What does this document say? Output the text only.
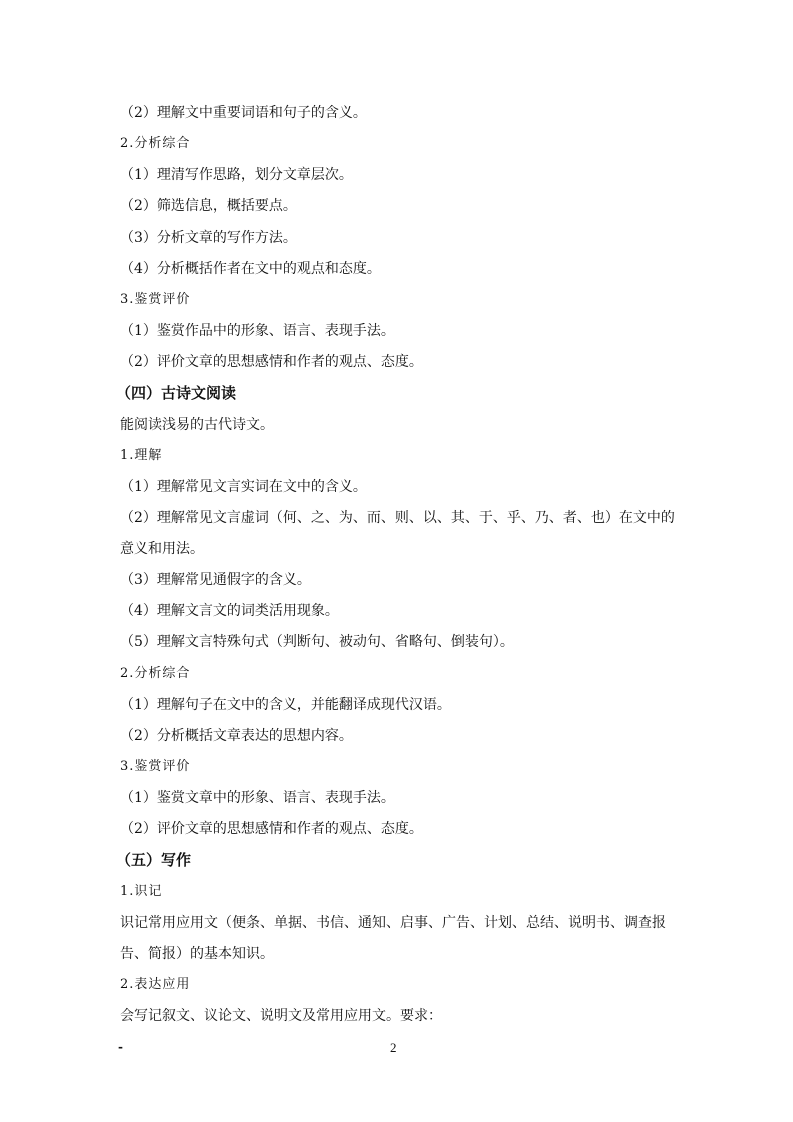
（2）理解文中重要词语和句子的含义。
2.分析综合
（1）理清写作思路，划分文章层次。
（2）筛选信息，概括要点。
（3）分析文章的写作方法。
（4）分析概括作者在文中的观点和态度。
3.鉴赏评价
（1）鉴赏作品中的形象、语言、表现手法。
（2）评价文章的思想感情和作者的观点、态度。
（四）古诗文阅读
能阅读浅易的古代诗文。
1.理解
（1）理解常见文言实词在文中的含义。
（2）理解常见文言虚词（何、之、为、而、则、以、其、于、乎、乃、者、也）在文中的
意义和用法。
（3）理解常见通假字的含义。
（4）理解文言文的词类活用现象。
（5）理解文言特殊句式（判断句、被动句、省略句、倒装句）。
2.分析综合
（1）理解句子在文中的含义，并能翻译成现代汉语。
（2）分析概括文章表达的思想内容。
3.鉴赏评价
（1）鉴赏文章中的形象、语言、表现手法。
（2）评价文章的思想感情和作者的观点、态度。
（五）写作
1.识记
识记常用应用文（便条、单据、书信、通知、启事、广告、计划、总结、说明书、调查报
告、简报）的基本知识。
2.表达应用
会写记叙文、议论文、说明文及常用应用文。要求：
-	2
